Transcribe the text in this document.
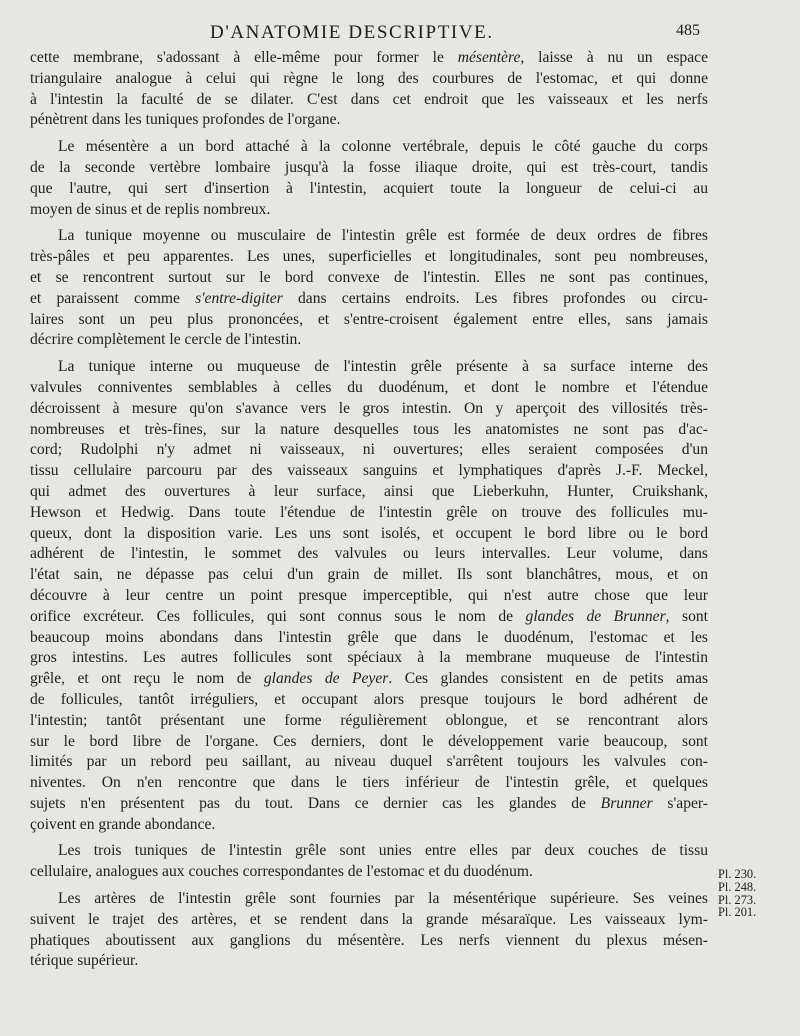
D'ANATOMIE DESCRIPTIVE.	485
cette membrane, s'adossant à elle-même pour former le mésentère, laisse à nu un espace
triangulaire analogue à celui qui règne le long des courbures de l'estomac, et qui donne
à l'intestin la faculté de se dilater. C'est dans cet endroit que les vaisseaux et les nerfs
pénètrent dans les tuniques profondes de l'organe.
Le mésentère a un bord attaché à la colonne vertébrale, depuis le côté gauche du corps
de la seconde vertèbre lombaire jusqu'à la fosse iliaque droite, qui est très-court, tandis
que l'autre, qui sert d'insertion à l'intestin, acquiert toute la longueur de celui-ci au
moyen de sinus et de replis nombreux.
La tunique moyenne ou musculaire de l'intestin grêle est formée de deux ordres de fibres
très-pâles et peu apparentes. Les unes, superficielles et longitudinales, sont peu nombreuses,
et se rencontrent surtout sur le bord convexe de l'intestin. Elles ne sont pas continues,
et paraissent comme s'entre-digiter dans certains endroits. Les fibres profondes ou circu-
laires sont un peu plus prononcées, et s'entre-croisent également entre elles, sans jamais
décrire complètement le cercle de l'intestin.
La tunique interne ou muqueuse de l'intestin grêle présente à sa surface interne des
valvules conniventes semblables à celles du duodénum, et dont le nombre et l'étendue
décroissent à mesure qu'on s'avance vers le gros intestin. On y aperçoit des villosités très-
nombreuses et très-fines, sur la nature desquelles tous les anatomistes ne sont pas d'ac-
cord; Rudolphi n'y admet ni vaisseaux, ni ouvertures; elles seraient composées d'un
tissu cellulaire parcouru par des vaisseaux sanguins et lymphatiques d'après J.-F. Meckel,
qui admet des ouvertures à leur surface, ainsi que Lieberkuhn, Hunter, Cruikshank,
Hewson et Hedwig. Dans toute l'étendue de l'intestin grêle on trouve des follicules mu-
queux, dont la disposition varie. Les uns sont isolés, et occupent le bord libre ou le bord
adhérent de l'intestin, le sommet des valvules ou leurs intervalles. Leur volume, dans
l'état sain, ne dépasse pas celui d'un grain de millet. Ils sont blanchâtres, mous, et on
découvre à leur centre un point presque imperceptible, qui n'est autre chose que leur
orifice excréteur. Ces follicules, qui sont connus sous le nom de glandes de Brunner, sont
beaucoup moins abondans dans l'intestin grêle que dans le duodénum, l'estomac et les
gros intestins. Les autres follicules sont spéciaux à la membrane muqueuse de l'intestin
grêle, et ont reçu le nom de glandes de Peyer. Ces glandes consistent en de petits amas
de follicules, tantôt irréguliers, et occupant alors presque toujours le bord adhérent de
l'intestin; tantôt présentant une forme régulièrement oblongue, et se rencontrant alors
sur le bord libre de l'organe. Ces derniers, dont le développement varie beaucoup, sont
limités par un rebord peu saillant, au niveau duquel s'arrêtent toujours les valvules con-
niventes. On n'en rencontre que dans le tiers inférieur de l'intestin grêle, et quelques
sujets n'en présentent pas du tout. Dans ce dernier cas les glandes de Brunner s'aper-
çoivent en grande abondance.
Les trois tuniques de l'intestin grêle sont unies entre elles par deux couches de tissu
cellulaire, analogues aux couches correspondantes de l'estomac et du duodénum.
Les artères de l'intestin grêle sont fournies par la mésentérique supérieure. Ses veines
suivent le trajet des artères, et se rendent dans la grande mésaraïque. Les vaisseaux lym-
phatiques aboutissent aux ganglions du mésentère. Les nerfs viennent du plexus mésen-
térique supérieur.
Pl. 230.
Pl. 248.
Pl. 273.
Pl. 201.
